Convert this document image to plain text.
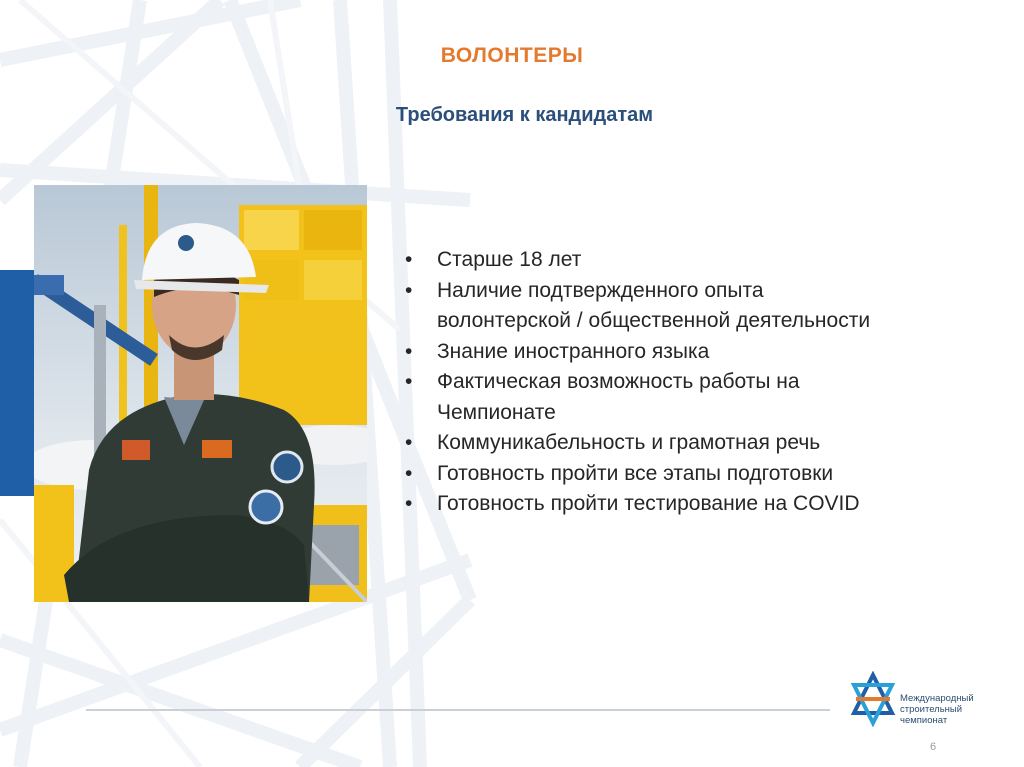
ВОЛОНТЕРЫ
Требования к кандидатам
• Старше 18 лет
• Наличие подтвержденного опыта
волонтерской / общественной деятельности
• Знание иностранного языка
• Фактическая возможность работы на
Чемпионате
• Коммуникабельность и грамотная речь
• Готовность пройти все этапы подготовки
• Готовность пройти тестирование на COVID
Международный
строительный
чемпионат
6
